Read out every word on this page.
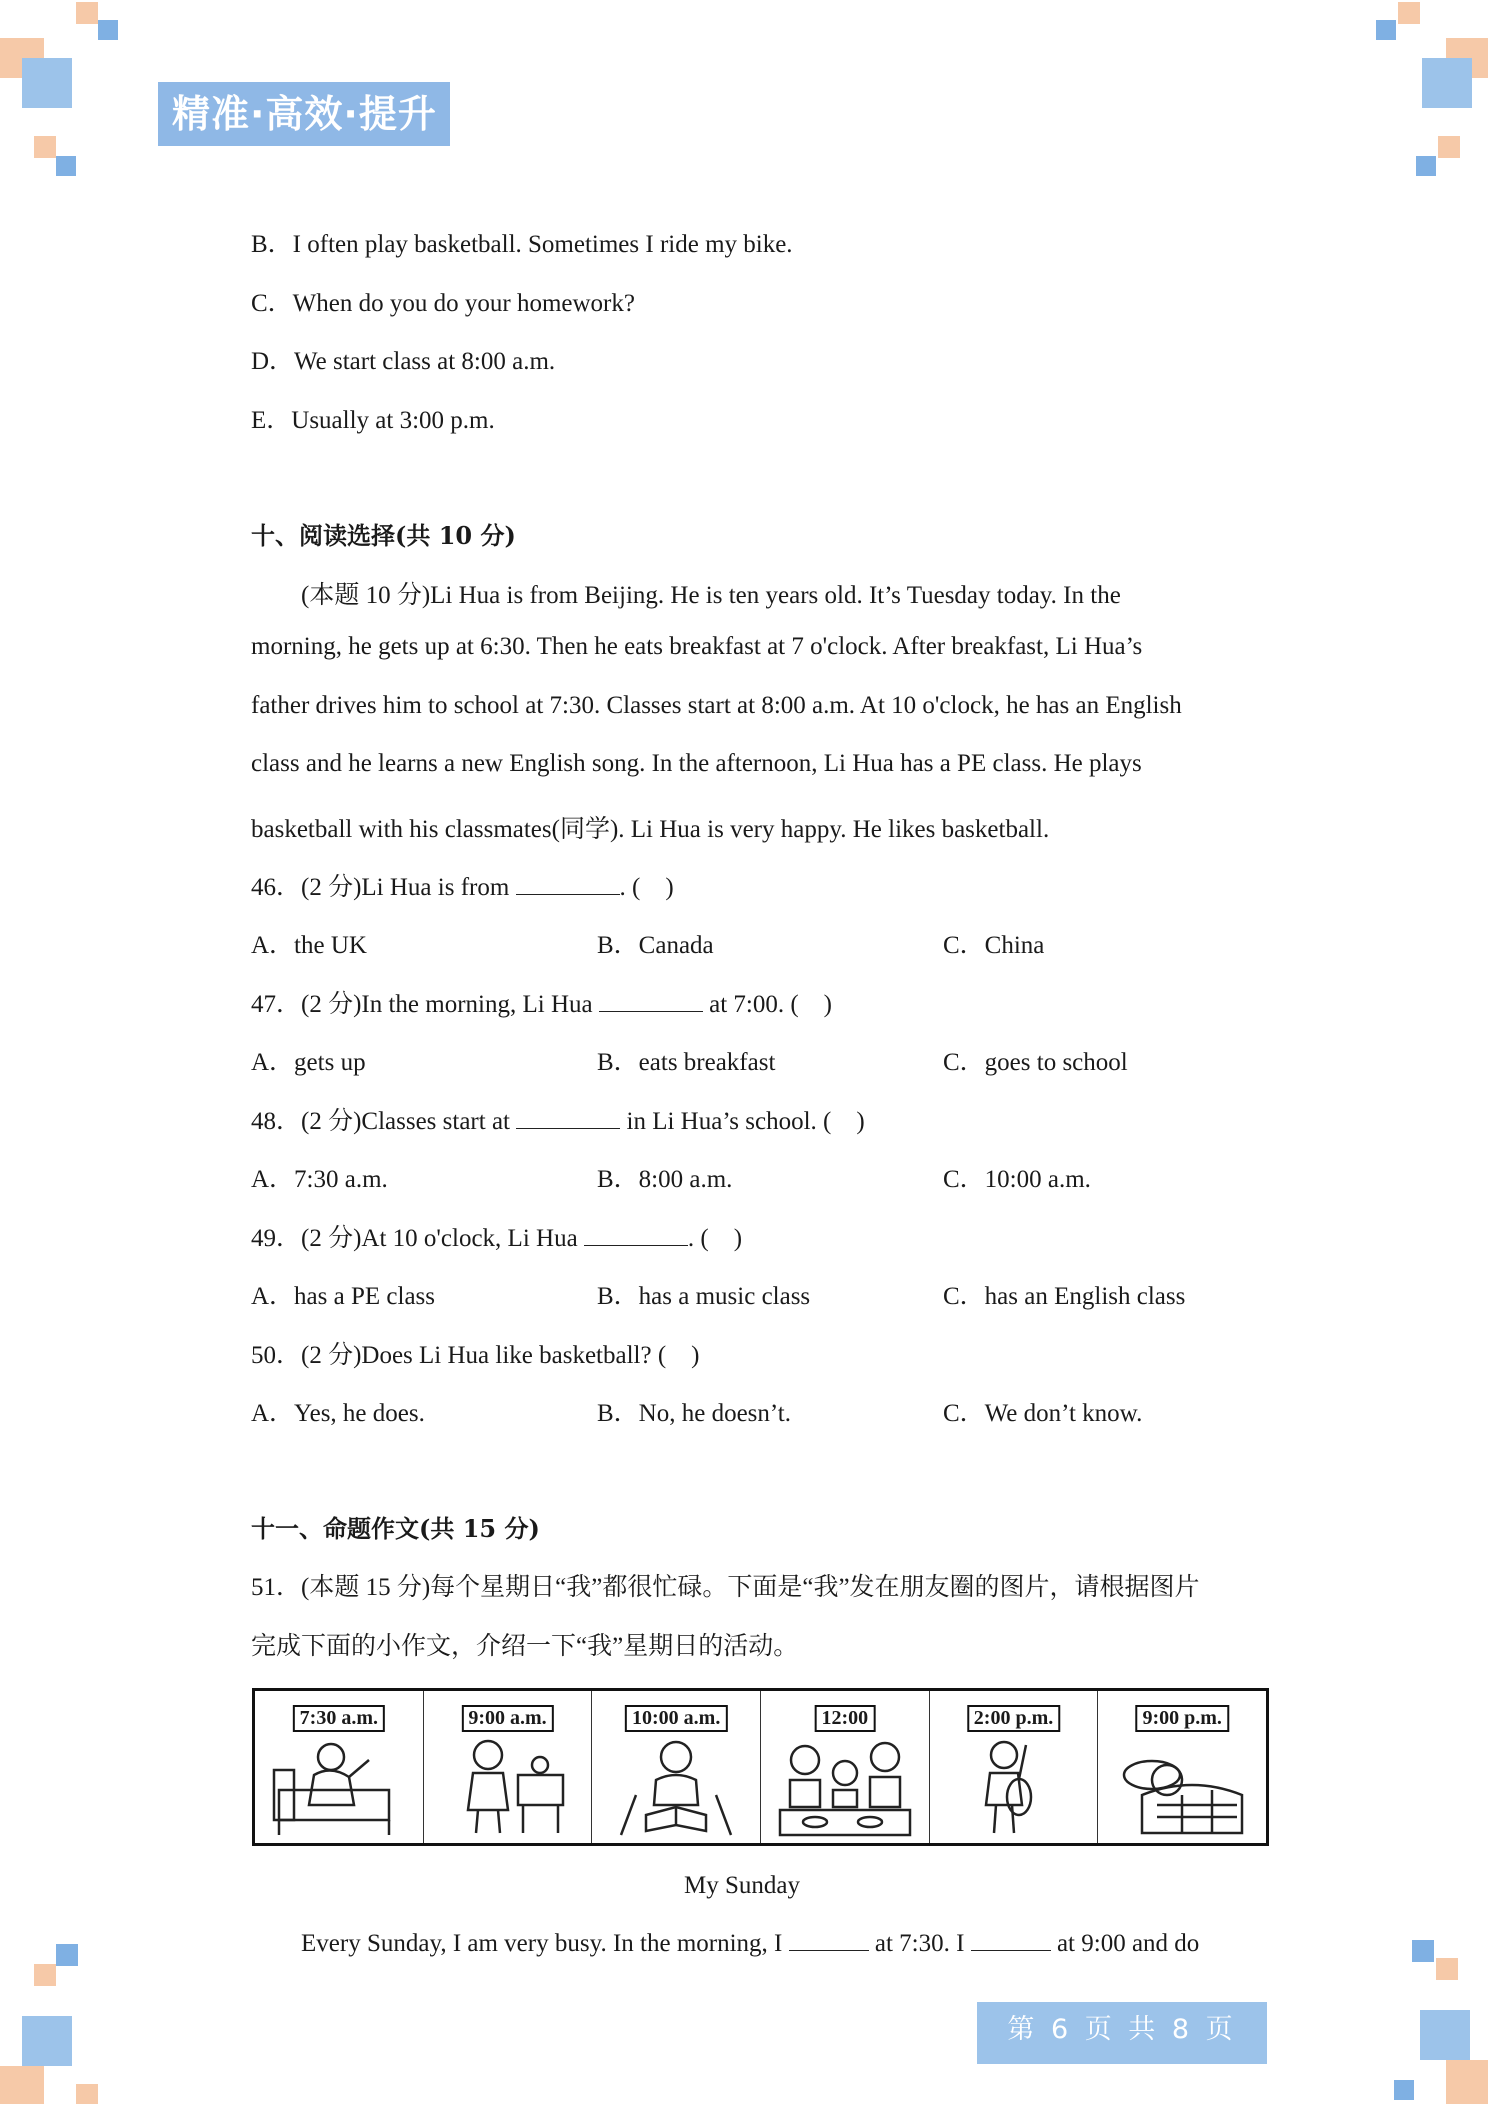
精准·高效·提升
B．I often play basketball. Sometimes I ride my bike.
C．When do you do your homework?
D．We start class at 8:00 a.m.
E．Usually at 3:00 p.m.
十、阅读选择(共 10 分)
(本题 10 分)Li Hua is from Beijing. He is ten years old. It’s Tuesday today. In the
morning, he gets up at 6:30. Then he eats breakfast at 7 o'clock. After breakfast, Li Hua’s
father drives him to school at 7:30. Classes start at 8:00 a.m. At 10 o'clock, he has an English
class and he learns a new English song. In the afternoon, Li Hua has a PE class. He plays
basketball with his classmates(同学). Li Hua is very happy. He likes basketball.
46．(2 分)Li Hua is from	. (　)
A．the UK	B．Canada	C．China
47．(2 分)In the morning, Li Hua	at 7:00. (　)
A．gets up	B．eats breakfast	C．goes to school
48．(2 分)Classes start at	in Li Hua’s school. (　)
A．7:30 a.m.	B．8:00 a.m.	C．10:00 a.m.
49．(2 分)At 10 o'clock, Li Hua	. (　)
A．has a PE class	B．has a music class	C．has an English class
50．(2 分)Does Li Hua like basketball? (　)
A．Yes, he does.	B．No, he doesn’t.	C．We don’t know.
十一、命题作文(共 15 分)
51．(本题 15 分)每个星期日“我”都很忙碌。下面是“我”发在朋友圈的图片，请根据图片
完成下面的小作文，介绍一下“我”星期日的活动。
7:30 a.m.	9:00 a.m.	10:00 a.m.	12:00	2:00 p.m.	9:00 p.m.
My Sunday
Every Sunday, I am very busy. In the morning, I	at 7:30. I	at 9:00 and do
第 6 页 共 8 页
